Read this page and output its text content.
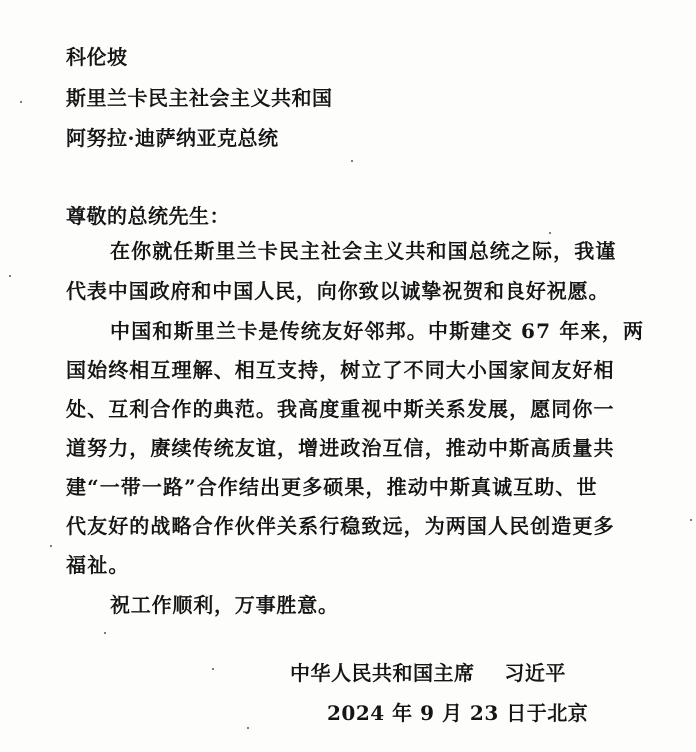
科伦坡
斯里兰卡民主社会主义共和国
阿努拉·迪萨纳亚克总统
尊敬的总统先生：
在你就任斯里兰卡民主社会主义共和国总统之际，我谨
代表中国政府和中国人民，向你致以诚挚祝贺和良好祝愿。
中国和斯里兰卡是传统友好邻邦。中斯建交 67 年来，两
国始终相互理解、相互支持，树立了不同大小国家间友好相
处、互利合作的典范。我高度重视中斯关系发展，愿同你一
道努力，赓续传统友谊，增进政治互信，推动中斯高质量共
建“一带一路”合作结出更多硕果，推动中斯真诚互助、世
代友好的战略合作伙伴关系行稳致远，为两国人民创造更多
福祉。
祝工作顺利，万事胜意。
中华人民共和国主席    习近平
2024 年 9 月 23 日于北京
